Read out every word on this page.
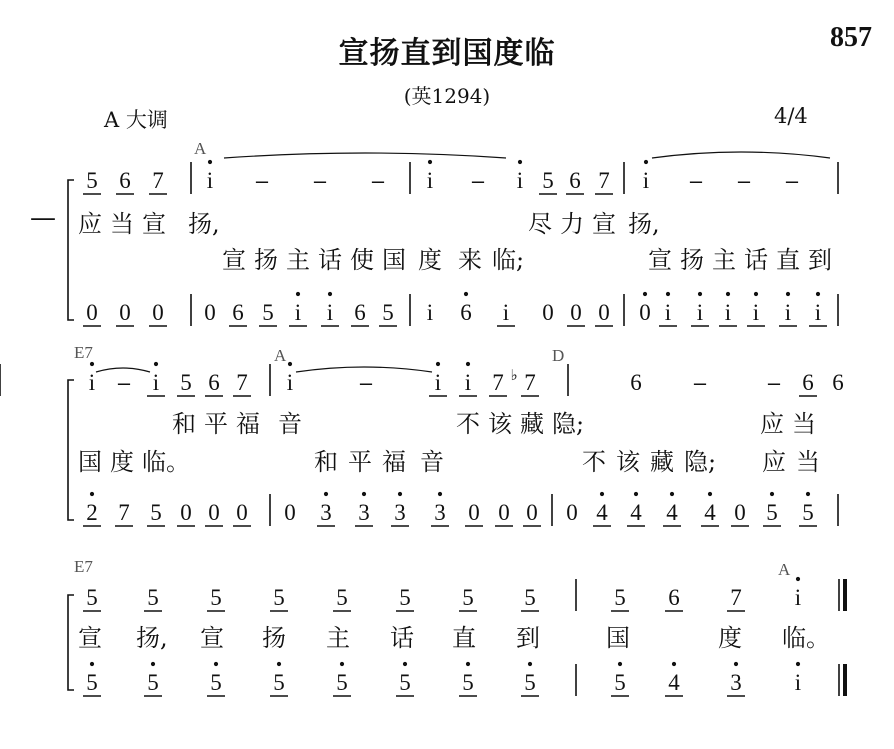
宣扬直到国度临	857
(英1294)
A 大调	4/4
—
A
E7	A	D
E7	A
5 6 7 i – – – i – i 5 6 7 i – – –
应 当 宣 扬,	尽 力 宣 扬,
宣 扬 主 话 使 国 度 来 临;	宣 扬 主 话 直 到
0 0 0 0 6 5 i i 6 5 i 6 i 0 0 0 0 i i i i i i
i – i 5 6 7 i	–	i i 7 ♭ 7	6 –	– 6 6
和 平 福 音	不 该 藏 隐;	应 当
国 度 临。	和 平 福 音	不 该 藏 隐; 应 当
2 7 5 0 0 0 0 3 3 3 3 0 0 0 0 4 4 4 4 0 5 5
5 5 5 5 5 5 5 5	5 6 7 i
宣 扬, 宣 扬 主 话 直 到	国	度 临。
5 5 5 5 5 5 5 5	5 4 3 i
